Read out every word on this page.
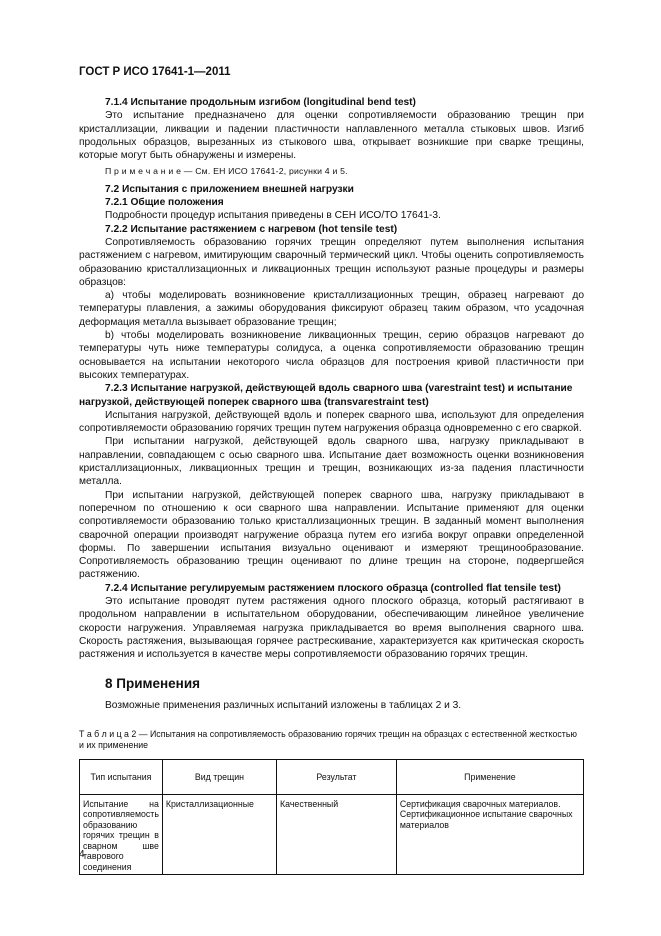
ГОСТ Р ИСО 17641-1—2011
7.1.4 Испытание продольным изгибом (longitudinal bend test)

Это испытание предназначено для оценки сопротивляемости образованию трещин при кристаллизации, ликвации и падении пластичности наплавленного металла стыковых швов. Изгиб продольных образцов, вырезанных из стыкового шва, открывает возникшие при сварке трещины, которые могут быть обнаружены и измерены.

П р и м е ч а н и е — См. ЕН ИСО 17641-2, рисунки 4 и 5.
7.2 Испытания с приложением внешней нагрузки
7.2.1 Общие положения

Подробности процедур испытания приведены в СЕН ИСО/ТО 17641-3.

7.2.2 Испытание растяжением с нагревом (hot tensile test)

Сопротивляемость образованию горячих трещин определяют путем выполнения испытания растяжением с нагревом, имитирующим сварочный термический цикл. Чтобы оценить сопротивляемость образованию кристаллизационных и ликвационных трещин используют разные процедуры и размеры образцов:

a) чтобы моделировать возникновение кристаллизационных трещин, образец нагревают до температуры плавления, а зажимы оборудования фиксируют образец таким образом, что усадочная деформация металла вызывает образование трещин;

b) чтобы моделировать возникновение ликвационных трещин, серию образцов нагревают до температуры чуть ниже температуры солидуса, а оценка сопротивляемости образованию трещин основывается на испытании некоторого числа образцов для построения кривой пластичности при высоких температурах.

7.2.3 Испытание нагрузкой, действующей вдоль сварного шва (varestraint test) и испытание
нагрузкой, действующей поперек сварного шва (transvarestraint test)

Испытания нагрузкой, действующей вдоль и поперек сварного шва, используют для определения сопротивляемости образованию горячих трещин путем нагружения образца одновременно с его сваркой.

При испытании нагрузкой, действующей вдоль сварного шва, нагрузку прикладывают в направлении, совпадающем с осью сварного шва. Испытание дает возможность оценки возникновения кристаллизационных, ликвационных трещин и трещин, возникающих из-за падения пластичности металла.

При испытании нагрузкой, действующей поперек сварного шва, нагрузку прикладывают в поперечном по отношению к оси сварного шва направлении. Испытание применяют для оценки сопротивляемости образованию только кристаллизационных трещин. В заданный момент выполнения сварочной операции производят нагружение образца путем его изгиба вокруг оправки определенной формы. По завершении испытания визуально оценивают и измеряют трещинообразование. Сопротивляемость образованию трещин оценивают по длине трещин на стороне, подвергшейся растяжению.

7.2.4 Испытание регулируемым растяжением плоского образца (controlled flat tensile test)

Это испытание проводят путем растяжения одного плоского образца, который растягивают в продольном направлении в испытательном оборудовании, обеспечивающим линейное увеличение скорости нагружения. Управляемая нагрузка прикладывается во время выполнения сварного шва. Скорость растяжения, вызывающая горячее растрескивание, характеризуется как критическая скорость растяжения и используется в качестве меры сопротивляемости образованию горячих трещин.

8 Применения

Возможные применения различных испытаний изложены в таблицах 2 и 3.

Т а б л и ц а 2 — Испытания на сопротивляемость образованию горячих трещин на образцах с естественной жесткостью и их применение
Тип испытания	Вид трещин	Результат	Применение
Испытание на сопротивляемость образованию горячих трещин в сварном шве таврового соединения	Кристаллизационные	Качественный	Сертификация сварочных материалов. Сертификационное испытание сварочных материалов
4
